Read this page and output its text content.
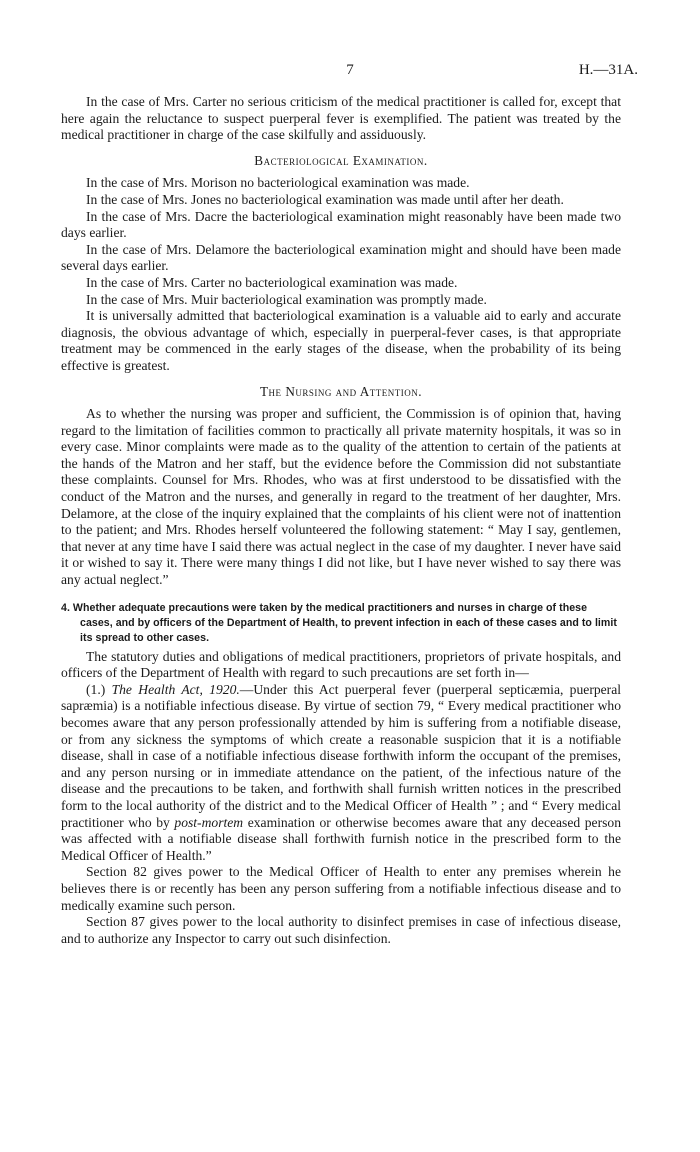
7	H.—31A.

In the case of Mrs. Carter no serious criticism of the medical practitioner is called for, except that here again the reluctance to suspect puerperal fever is exemplified. The patient was treated by the medical practitioner in charge of the case skilfully and assiduously.

Bacteriological Examination.

In the case of Mrs. Morison no bacteriological examination was made.

In the case of Mrs. Jones no bacteriological examination was made until after her death.

In the case of Mrs. Dacre the bacteriological examination might reasonably have been made two days earlier.

In the case of Mrs. Delamore the bacteriological examination might and should have been made several days earlier.

In the case of Mrs. Carter no bacteriological examination was made.

In the case of Mrs. Muir bacteriological examination was promptly made.

It is universally admitted that bacteriological examination is a valuable aid to early and accurate diagnosis, the obvious advantage of which, especially in puerperal-fever cases, is that appropriate treatment may be commenced in the early stages of the disease, when the probability of its being effective is greatest.

The Nursing and Attention.

As to whether the nursing was proper and sufficient, the Commission is of opinion that, having regard to the limitation of facilities common to practically all private maternity hospitals, it was so in every case. Minor complaints were made as to the quality of the attention to certain of the patients at the hands of the Matron and her staff, but the evidence before the Commission did not substantiate these complaints. Counsel for Mrs. Rhodes, who was at first understood to be dissatisfied with the conduct of the Matron and the nurses, and generally in regard to the treatment of her daughter, Mrs. Delamore, at the close of the inquiry explained that the complaints of his client were not of inattention to the patient; and Mrs. Rhodes herself volunteered the following statement: “ May I say, gentlemen, that never at any time have I said there was actual neglect in the case of my daughter. I never have said it or wished to say it. There were many things I did not like, but I have never wished to say there was any actual neglect.”

4. Whether adequate precautions were taken by the medical practitioners and nurses in charge of these cases, and by officers of the Department of Health, to prevent infection in each of these cases and to limit its spread to other cases.

The statutory duties and obligations of medical practitioners, proprietors of private hospitals, and officers of the Department of Health with regard to such precautions are set forth in—

(1.) The Health Act, 1920.—Under this Act puerperal fever (puerperal septicæmia, puerperal sapræmia) is a notifiable infectious disease. By virtue of section 79, “ Every medical practitioner who becomes aware that any person professionally attended by him is suffering from a notifiable disease, or from any sickness the symptoms of which create a reasonable suspicion that it is a notifiable disease, shall in case of a notifiable infectious disease forthwith inform the occupant of the premises, and any person nursing or in immediate attendance on the patient, of the infectious nature of the disease and the precautions to be taken, and forthwith shall furnish written notices in the prescribed form to the local authority of the district and to the Medical Officer of Health ” ; and “ Every medical practitioner who by post-mortem examination or otherwise becomes aware that any deceased person was affected with a notifiable disease shall forthwith furnish notice in the prescribed form to the Medical Officer of Health.”

Section 82 gives power to the Medical Officer of Health to enter any premises wherein he believes there is or recently has been any person suffering from a notifiable infectious disease and to medically examine such person.

Section 87 gives power to the local authority to disinfect premises in case of infectious disease, and to authorize any Inspector to carry out such disinfection.
